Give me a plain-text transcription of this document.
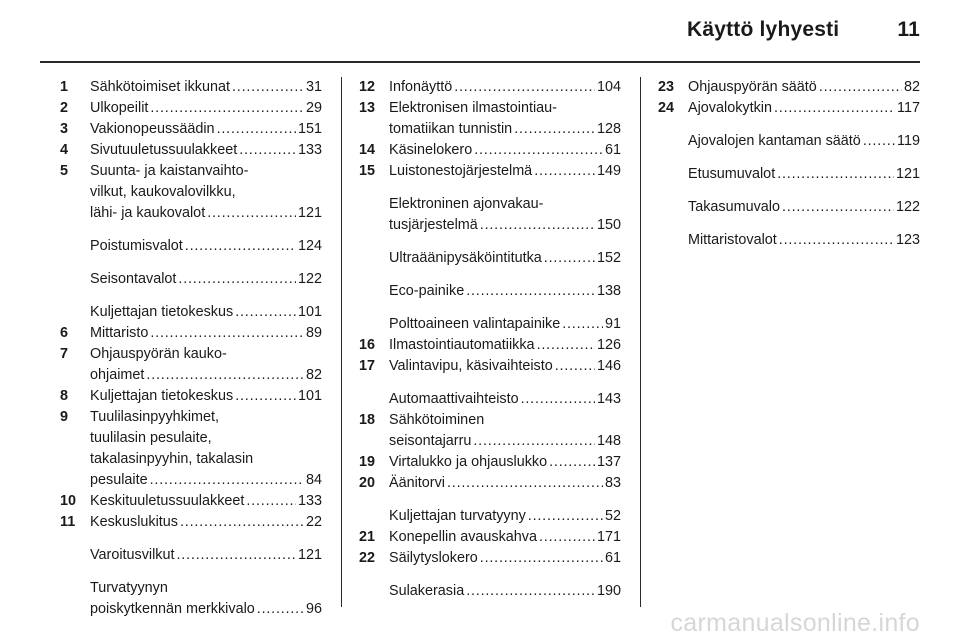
Käyttö lyhyesti	11
1 Sähkötoimiset ikkunat . . .	31
2 Ulkopeilit . . .	29
3 Vakionopeussäädin . . .	151
4 Sivutuuletussuulakkeet . . .	133
5 Suunta- ja kaistanvaihto-
vilkut, kaukovalovilkku,
lähi- ja kaukovalot . . .	121
Poistumisvalot . . .	124
Seisontavalot . . .	122
Kuljettajan tietokeskus . . .	101
6 Mittaristo . . .	89
7 Ohjauspyörän kauko-
ohjaimet . . .	82
8 Kuljettajan tietokeskus . . .	101
9 Tuulilasinpyyhkimet,
tuulilasin pesulaite,
takalasinpyyhin, takalasin
pesulaite . . .	84
10 Keskituuletussuulakkeet . . .	133
11 Keskuslukitus . . .	22
Varoitusvilkut . . .	121
Turvatyynyn
poiskytkennän merkkivalo . . .	96
12 Infonäyttö . . .	104
13 Elektronisen ilmastointiau-
tomatiikan tunnistin . . .	128
14 Käsinelokero . . .	61
15 Luistonestojärjestelmä . . .	149
Elektroninen ajonvakau-
tusjärjestelmä . . .	150
Ultraäänipysäköintitutka . . .	152
Eco-painike . . .	138
Polttoaineen valintapainike . . .	91
16 Ilmastointiautomatiikka . . .	126
17 Valintavipu, käsivaihteisto . . .	146
Automaattivaihteisto . . .	143
18 Sähkötoiminen
seisontajarru . . .	148
19 Virtalukko ja ohjauslukko . . .	137
20 Äänitorvi . . .	83
Kuljettajan turvatyyny . . .	52
21 Konepellin avauskahva . . .	171
22 Säilytyslokero . . .	61
Sulakerasia . . .	190
23 Ohjauspyörän säätö . . .	82
24 Ajovalokytkin . . .	117
Ajovalojen kantaman säätö . . .	119
Etusumuvalot . . .	121
Takasumuvalo . . .	122
Mittaristovalot . . .	123
carmanualsonline.info
